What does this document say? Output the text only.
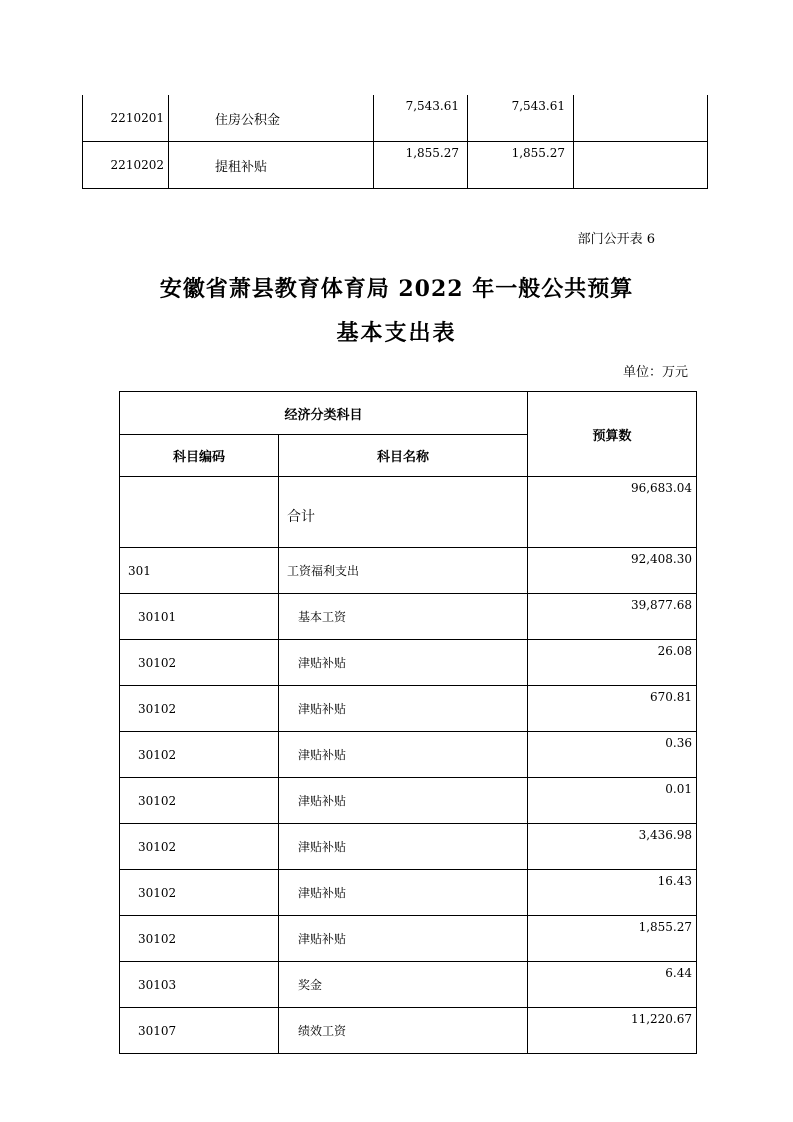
2210201	住房公积金	7,543.61	7,543.61	
2210202	提租补贴	1,855.27	1,855.27	
部门公开表 6
安徽省萧县教育体育局 2022 年一般公共预算
基本支出表
单位：万元
经济分类科目		预算数
科目编码	科目名称	
	合计	96,683.04
301	工资福利支出	92,408.30
30101	基本工资	39,877.68
30102	津贴补贴	26.08
30102	津贴补贴	670.81
30102	津贴补贴	0.36
30102	津贴补贴	0.01
30102	津贴补贴	3,436.98
30102	津贴补贴	16.43
30102	津贴补贴	1,855.27
30103	奖金	6.44
30107	绩效工资	11,220.67
